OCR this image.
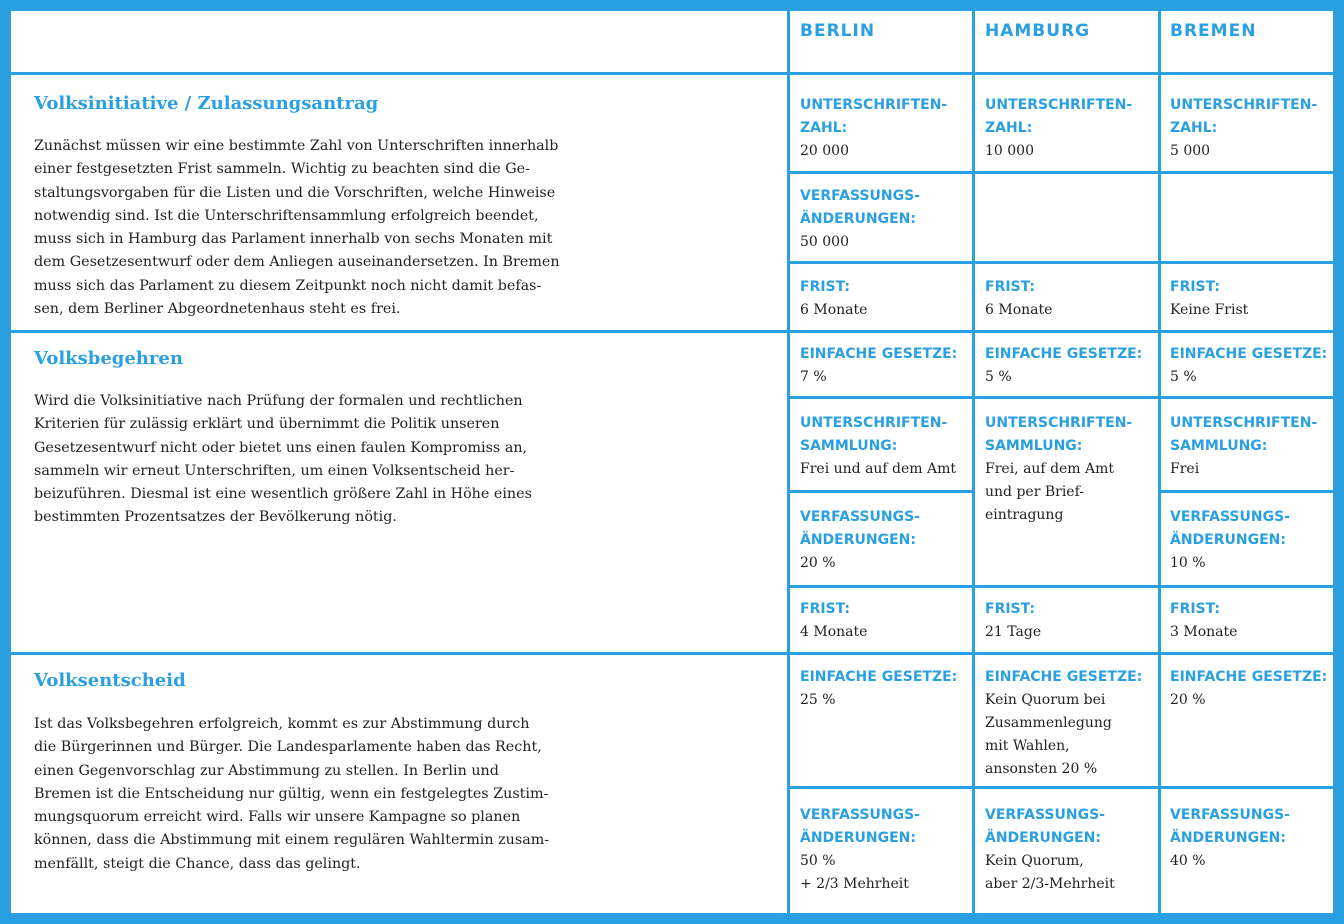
BERLIN	HAMBURG	BREMEN
Volksinitiative / Zulassungsantrag

Zunächst müssen wir eine bestimmte Zahl von Unterschriften innerhalb
einer festgesetzten Frist sammeln. Wichtig zu beachten sind die Ge-
staltungsvorgaben für die Listen und die Vorschriften, welche Hinweise
notwendig sind. Ist die Unterschriftensammlung erfolgreich beendet,
muss sich in Hamburg das Parlament innerhalb von sechs Monaten mit
dem Gesetzesentwurf oder dem Anliegen auseinandersetzen. In Bremen
muss sich das Parlament zu diesem Zeitpunkt noch nicht damit befas-
sen, dem Berliner Abgeordnetenhaus steht es frei.

UNTERSCHRIFTEN-
ZAHL:
20 000
UNTERSCHRIFTEN-
ZAHL:
10 000
UNTERSCHRIFTEN-
ZAHL:
5 000
VERFASSUNGS-
ÄNDERUNGEN:
50 000
FRIST:
6 Monate
FRIST:
6 Monate
FRIST:
Keine Frist
Volksbegehren

Wird die Volksinitiative nach Prüfung der formalen und rechtlichen
Kriterien für zulässig erklärt und übernimmt die Politik unseren
Gesetzesentwurf nicht oder bietet uns einen faulen Kompromiss an,
sammeln wir erneut Unterschriften, um einen Volksentscheid her-
beizuführen. Diesmal ist eine wesentlich größere Zahl in Höhe eines
bestimmten Prozentsatzes der Bevölkerung nötig.

EINFACHE GESETZE:
7 %
EINFACHE GESETZE:
5 %
EINFACHE GESETZE:
5 %
UNTERSCHRIFTEN-
SAMMLUNG:
Frei und auf dem Amt
UNTERSCHRIFTEN-
SAMMLUNG:
Frei, auf dem Amt
und per Brief-
eintragung
UNTERSCHRIFTEN-
SAMMLUNG:
Frei
VERFASSUNGS-
ÄNDERUNGEN:
20 %
VERFASSUNGS-
ÄNDERUNGEN:
10 %
FRIST:
4 Monate
FRIST:
21 Tage
FRIST:
3 Monate
Volksentscheid

Ist das Volksbegehren erfolgreich, kommt es zur Abstimmung durch
die Bürgerinnen und Bürger. Die Landesparlamente haben das Recht,
einen Gegenvorschlag zur Abstimmung zu stellen. In Berlin und
Bremen ist die Entscheidung nur gültig, wenn ein festgelegtes Zustim-
mungsquorum erreicht wird. Falls wir unsere Kampagne so planen
können, dass die Abstimmung mit einem regulären Wahltermin zusam-
menfällt, steigt die Chance, dass das gelingt.

EINFACHE GESETZE:
25 %
EINFACHE GESETZE:
Kein Quorum bei
Zusammenlegung
mit Wahlen,
ansonsten 20 %
EINFACHE GESETZE:
20 %
VERFASSUNGS-
ÄNDERUNGEN:
50 %
+ 2/3 Mehrheit
VERFASSUNGS-
ÄNDERUNGEN:
Kein Quorum,
aber 2/3-Mehrheit
VERFASSUNGS-
ÄNDERUNGEN:
40 %
